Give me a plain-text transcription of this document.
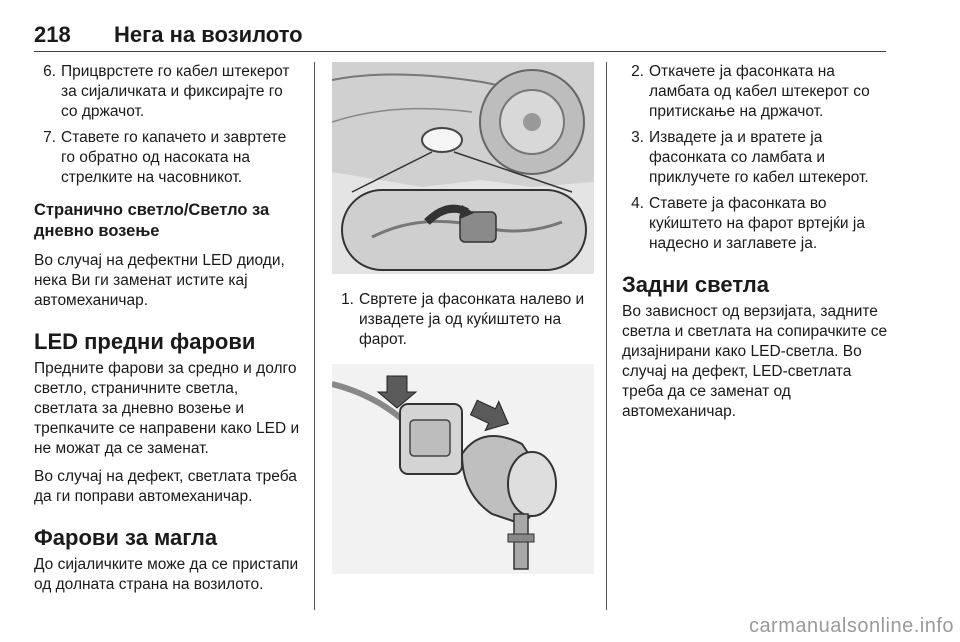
218 Нега на возилото
6. Прицврстете го кабел штекерот за сијаличката и фиксирајте го со држачот.
7. Ставете го капачето и завртете го обратно од насоката на стрелките на часовникот.
Странично светло/Светло за дневно возење
Во случај на дефектни LED диоди, нека Ви ги заменат истите кај автомеханичар.
LED предни фарови
Предните фарови за средно и долго светло, страничните светла, светлата за дневно возење и трепкачите се направени како LED и не можат да се заменат.
Во случај на дефект, светлата треба да ги поправи автомеханичар.
Фарови за магла
До сијаличките може да се пристапи од долната страна на возилото.
1. Свртете ја фасонката налево и извадете ја од куќиштето на фарот.
2. Откачете ја фасонката на ламбата од кабел штекерот со притискање на држачот.
3. Извадете ја и вратете ја фасонката со ламбата и приклучете го кабел штекерот.
4. Ставете ја фасонката во куќиштето на фарот вртејќи ја надесно и заглавете ја.
Задни светла
Во зависност од верзијата, задните светла и светлата на сопирачките се дизајнирани како LED-светла. Во случај на дефект, LED-светлата треба да се заменат од автомеханичар.
carmanualsonline.info
